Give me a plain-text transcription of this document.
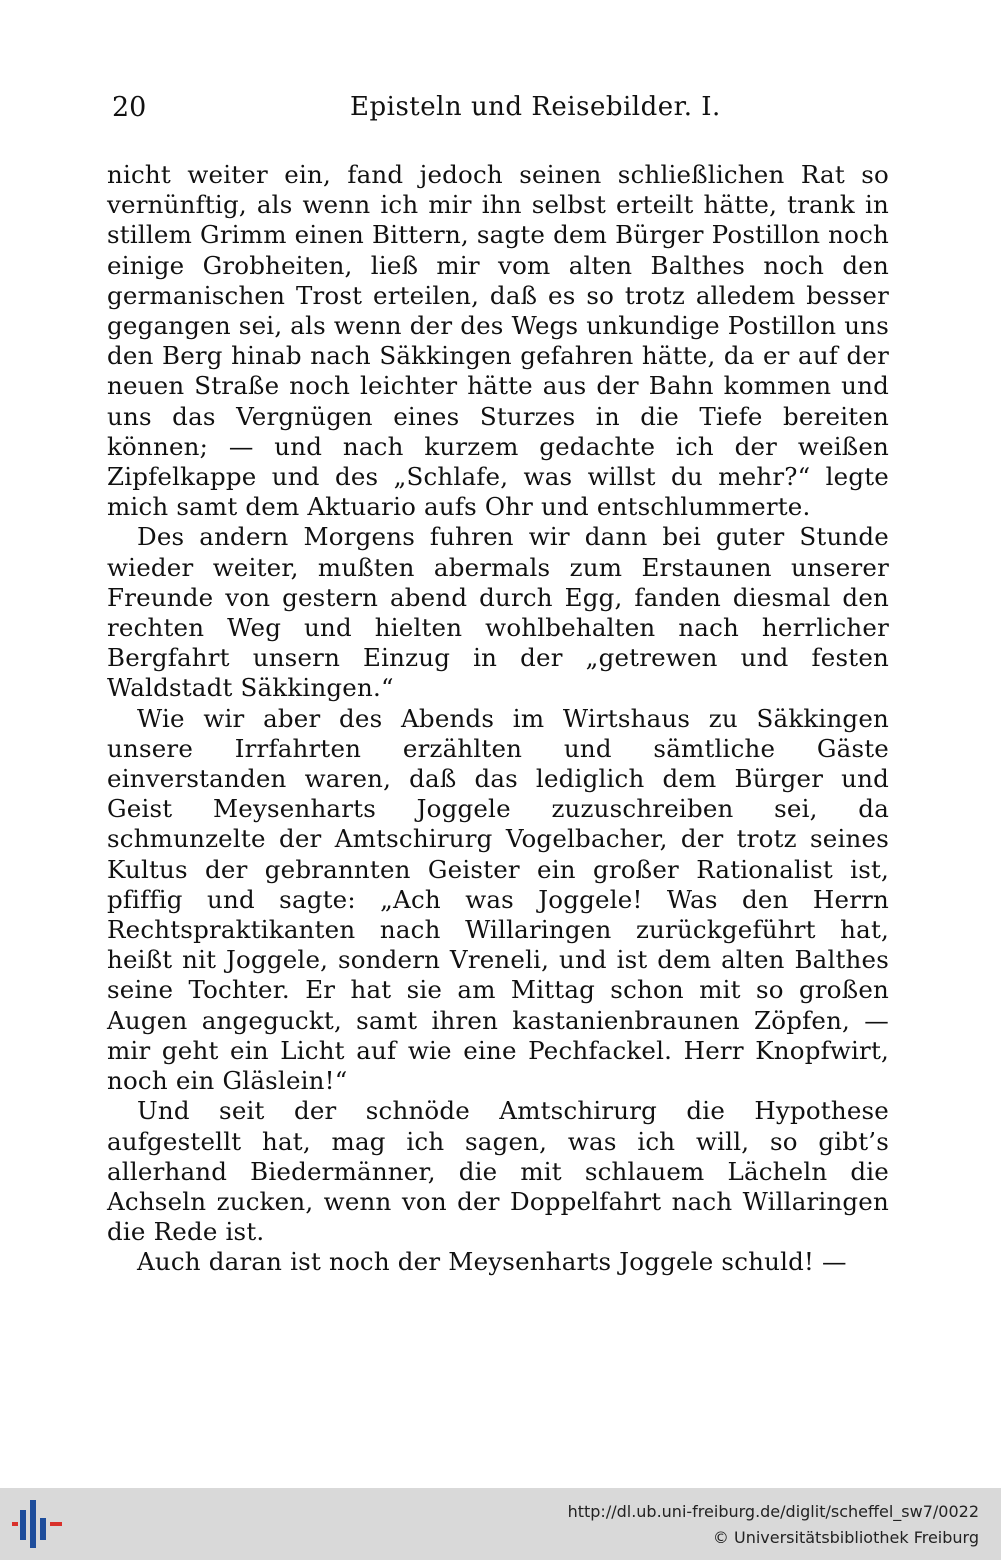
20	Episteln und Reisebilder. I.

nicht weiter ein, fand jedoch seinen schließlichen Rat so vernünftig, als wenn ich mir ihn selbst erteilt hätte, trank in stillem Grimm einen Bittern, sagte dem Bürger Postillon noch einige Grobheiten, ließ mir vom alten Balthes noch den germanischen Trost erteilen, daß es so trotz alledem besser gegangen sei, als wenn der des Wegs unkundige Postillon uns den Berg hinab nach Säkkingen gefahren hätte, da er auf der neuen Straße noch leichter hätte aus der Bahn kommen und uns das Vergnügen eines Sturzes in die Tiefe bereiten können; — und nach kurzem gedachte ich der weißen Zipfelkappe und des „Schlafe, was willst du mehr?“ legte mich samt dem Aktuario aufs Ohr und entschlummerte.

Des andern Morgens fuhren wir dann bei guter Stunde wieder weiter, mußten abermals zum Erstaunen unserer Freunde von gestern abend durch Egg, fanden diesmal den rechten Weg und hielten wohlbehalten nach herrlicher Bergfahrt unsern Einzug in der „getrewen und festen Waldstadt Säkkingen.“

Wie wir aber des Abends im Wirtshaus zu Säkkingen unsere Irrfahrten erzählten und sämtliche Gäste einverstanden waren, daß das lediglich dem Bürger und Geist Meysenharts Joggele zuzuschreiben sei, da schmunzelte der Amtschirurg Vogelbacher, der trotz seines Kultus der gebrannten Geister ein großer Rationalist ist, pfiffig und sagte: „Ach was Joggele! Was den Herrn Rechtspraktikanten nach Willaringen zurückgeführt hat, heißt nit Joggele, sondern Vreneli, und ist dem alten Balthes seine Tochter. Er hat sie am Mittag schon mit so großen Augen angeguckt, samt ihren kastanienbraunen Zöpfen, — mir geht ein Licht auf wie eine Pechfackel. Herr Knopfwirt, noch ein Gläslein!“

Und seit der schnöde Amtschirurg die Hypothese aufgestellt hat, mag ich sagen, was ich will, so gibt’s allerhand Biedermänner, die mit schlauem Lächeln die Achseln zucken, wenn von der Doppelfahrt nach Willaringen die Rede ist.

Auch daran ist noch der Meysenharts Joggele schuld! —

http://dl.ub.uni-freiburg.de/diglit/scheffel_sw7/0022
© Universitätsbibliothek Freiburg
